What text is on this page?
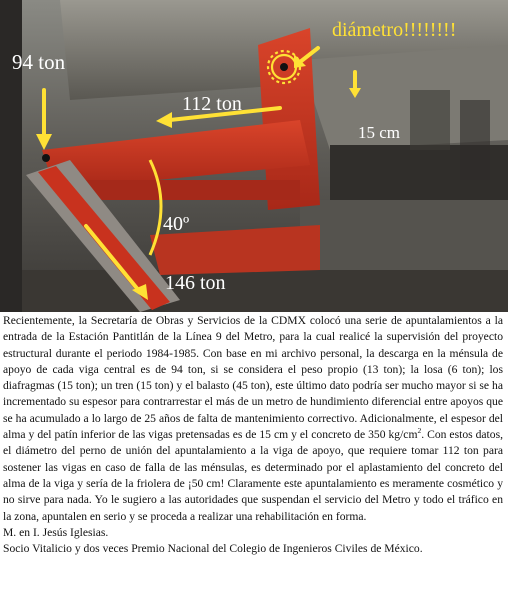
94 ton
diámetro!!!!!!!!
112 ton
15 cm
40º
146 ton

Recientemente, la Secretaría de Obras y Servicios de la CDMX colocó una serie de apuntalamientos a la entrada de la Estación Pantitlán de la Línea 9 del Metro, para la cual realicé la supervisión del proyecto estructural durante el periodo 1984-1985. Con base en mi archivo personal, la descarga en la ménsula de apoyo de cada viga central es de 94 ton, si se considera el peso propio (13 ton); la losa (6 ton); los diafragmas (15 ton); un tren (15 ton) y el balasto (45 ton), este último dato podría ser mucho mayor si se ha incrementado su espesor para contrarrestar el más de un metro de hundimiento diferencial entre apoyos que se ha acumulado a lo largo de 25 años de falta de mantenimiento correctivo. Adicionalmente, el espesor del alma y del patín inferior de las vigas pretensadas es de 15 cm y el concreto de 350 $kg/cm^2$. Con estos datos, el diámetro del perno de unión del apuntalamiento a la viga de apoyo, que requiere tomar 112 ton para sostener las vigas en caso de falla de las ménsulas, es determinado por el aplastamiento del concreto del alma de la viga y sería de la friolera de ¡50 cm! Claramente este apuntalamiento es meramente cosmético y no sirve para nada. Yo le sugiero a las autoridades que suspendan el servicio del Metro y todo el tráfico en la zona, apuntalen en serio y se proceda a realizar una rehabilitación en forma.

M. en I. Jesús Iglesias.

Socio Vitalicio y dos veces Premio Nacional del Colegio de Ingenieros Civiles de México.
